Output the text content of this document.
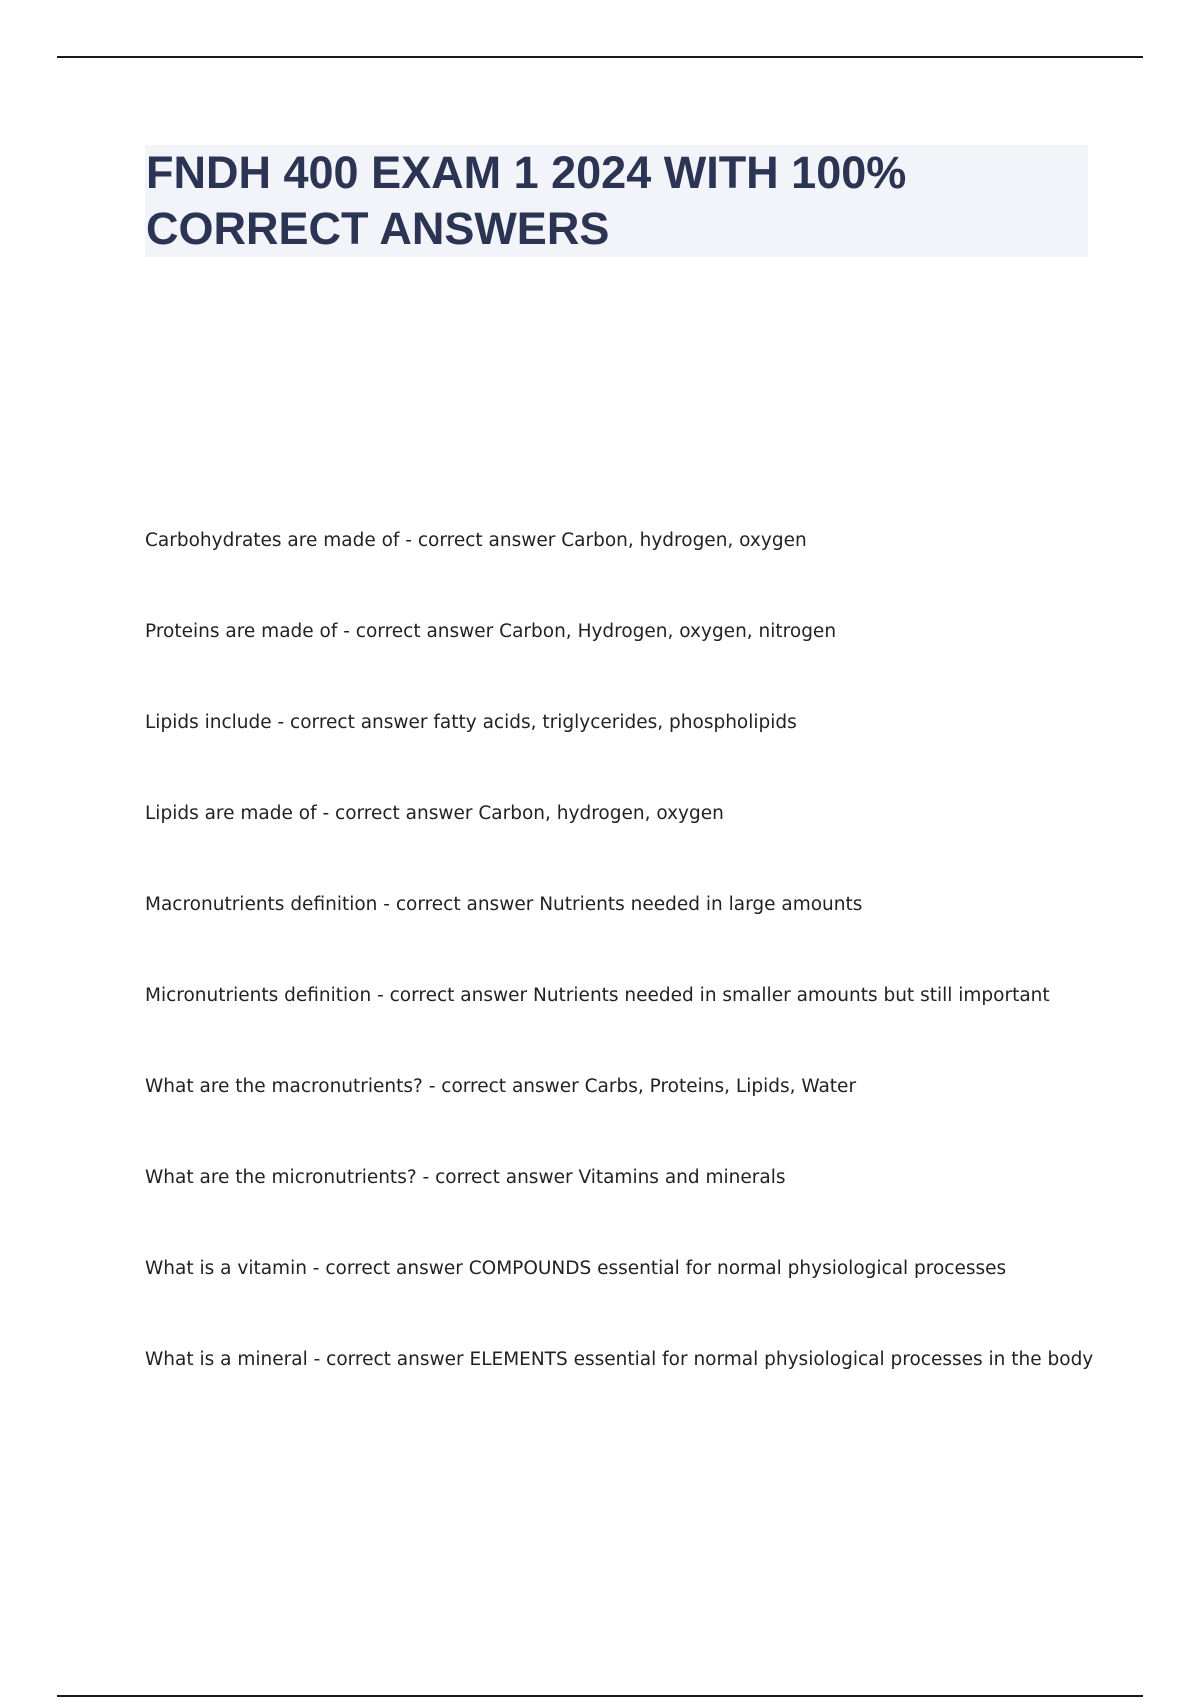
FNDH 400 EXAM 1 2024 WITH 100%
CORRECT ANSWERS
Carbohydrates are made of - correct answer Carbon, hydrogen, oxygen
Proteins are made of - correct answer Carbon, Hydrogen, oxygen, nitrogen
Lipids include - correct answer fatty acids, triglycerides, phospholipids
Lipids are made of - correct answer Carbon, hydrogen, oxygen
Macronutrients definition - correct answer Nutrients needed in large amounts
Micronutrients definition - correct answer Nutrients needed in smaller amounts but still important
What are the macronutrients? - correct answer Carbs, Proteins, Lipids, Water
What are the micronutrients? - correct answer Vitamins and minerals
What is a vitamin - correct answer COMPOUNDS essential for normal physiological processes
What is a mineral - correct answer ELEMENTS essential for normal physiological processes in the body
